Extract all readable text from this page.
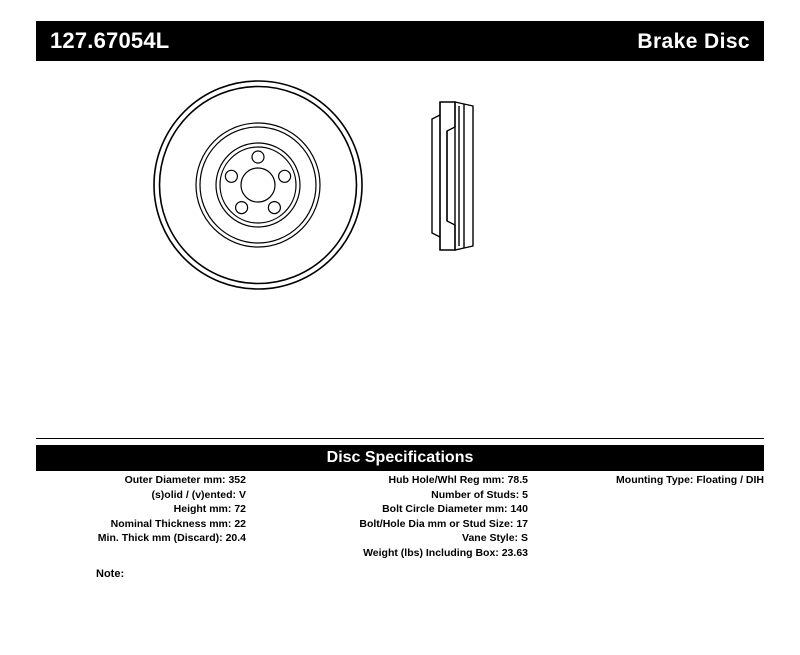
127.67054L	Brake Disc
Disc Specifications
Outer Diameter mm: 352
(s)olid / (v)ented: V
Height mm: 72
Nominal Thickness mm: 22
Min. Thick mm (Discard): 20.4
Hub Hole/Whl Reg mm: 78.5
Number of Studs: 5
Bolt Circle Diameter mm: 140
Bolt/Hole Dia mm or Stud Size: 17
Vane Style: S
Weight (lbs) Including Box: 23.63
Mounting Type: Floating / DIH
Note:
